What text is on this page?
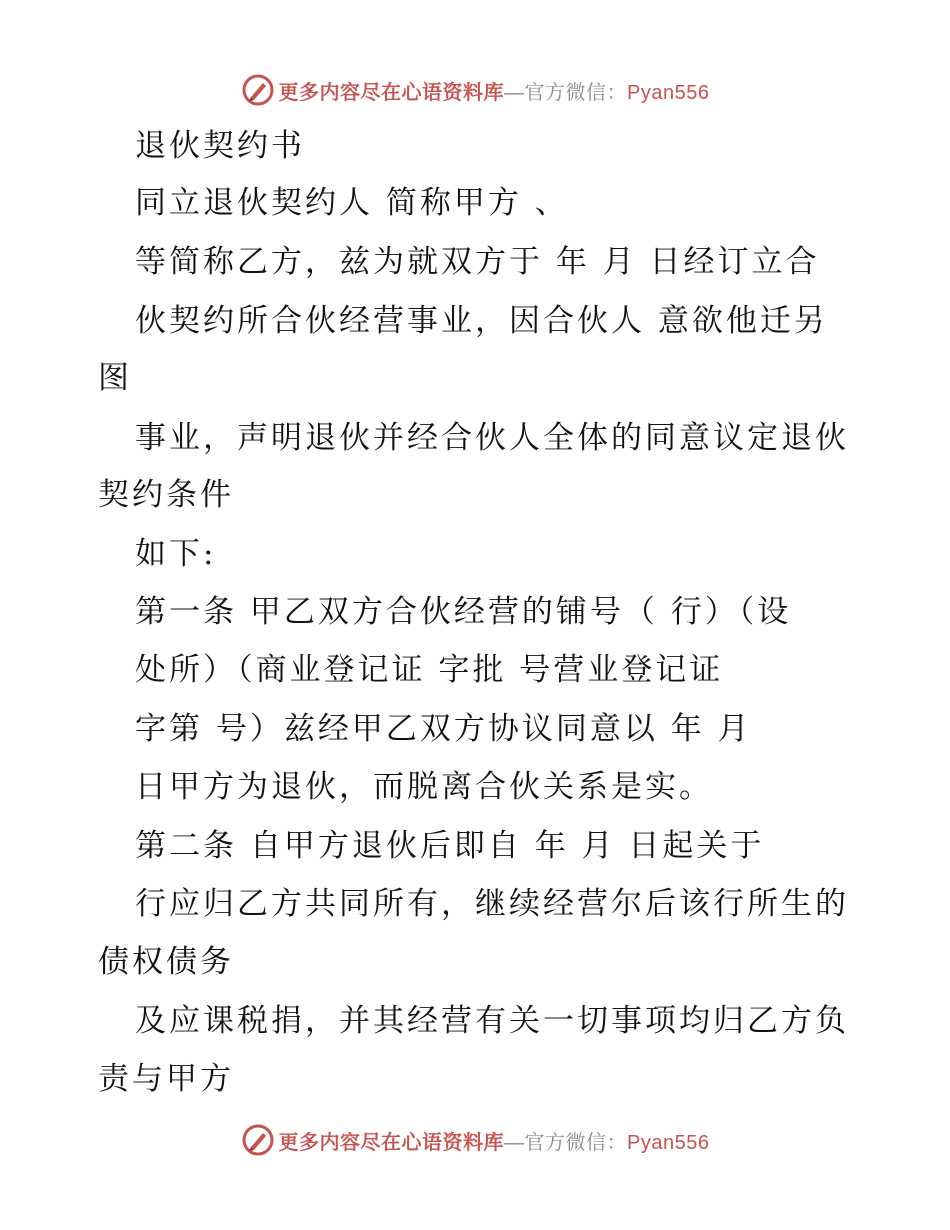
更多内容尽在心语资料库—官方微信：Pyan556
退伙契约书
同立退伙契约人 简称甲方 、
等简称乙方，兹为就双方于 年 月 日经订立合
伙契约所合伙经营事业，因合伙人 意欲他迁另
图
事业，声明退伙并经合伙人全体的同意议定退伙
契约条件
如下:
第一条 甲乙双方合伙经营的铺号（ 行）（设
处所）（商业登记证 字批 号营业登记证
字第 号）兹经甲乙双方协议同意以 年 月
日甲方为退伙，而脱离合伙关系是实。
第二条 自甲方退伙后即自 年 月 日起关于
行应归乙方共同所有，继续经营尔后该行所生的
债权债务
及应课税捐，并其经营有关一切事项均归乙方负
责与甲方
更多内容尽在心语资料库—官方微信：Pyan556
